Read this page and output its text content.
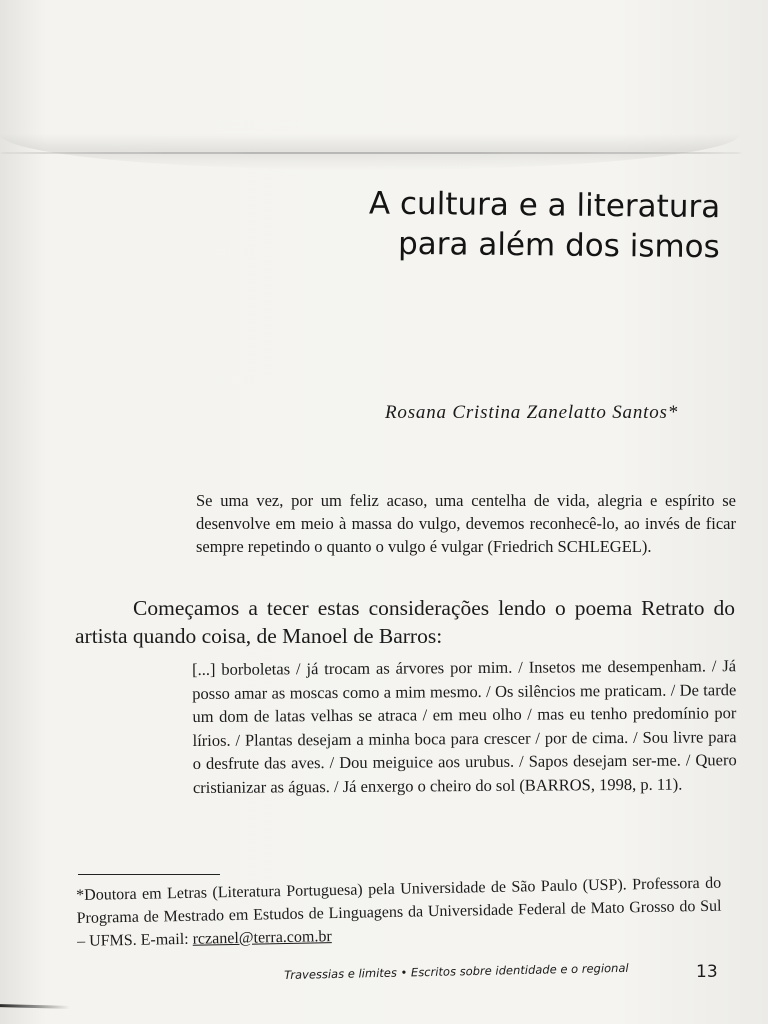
A cultura e a literatura
para além dos ismos

Rosana Cristina Zanelatto Santos*

Se uma vez, por um feliz acaso, uma centelha de vida, alegria e espírito se desenvolve em meio à massa do vulgo, devemos reconhecê-lo, ao invés de ficar sempre repetindo o quanto o vulgo é vulgar (Friedrich SCHLEGEL).

Começamos a tecer estas considerações lendo o poema Retrato do artista quando coisa, de Manoel de Barros:

[...] borboletas / já trocam as árvores por mim. / Insetos me desempenham. / Já posso amar as moscas como a mim mesmo. / Os silêncios me praticam. / De tarde um dom de latas velhas se atraca / em meu olho / mas eu tenho predomínio por lírios. / Plantas desejam a minha boca para crescer / por de cima. / Sou livre para o desfrute das aves. / Dou meiguice aos urubus. / Sapos desejam ser-me. / Quero cristianizar as águas. / Já enxergo o cheiro do sol (BARROS, 1998, p. 11).

*Doutora em Letras (Literatura Portuguesa) pela Universidade de São Paulo (USP). Professora do Programa de Mestrado em Estudos de Linguagens da Universidade Federal de Mato Grosso do Sul – UFMS. E-mail: rczanel@terra.com.br

Travessias e limites • Escritos sobre identidade e o regional	13
